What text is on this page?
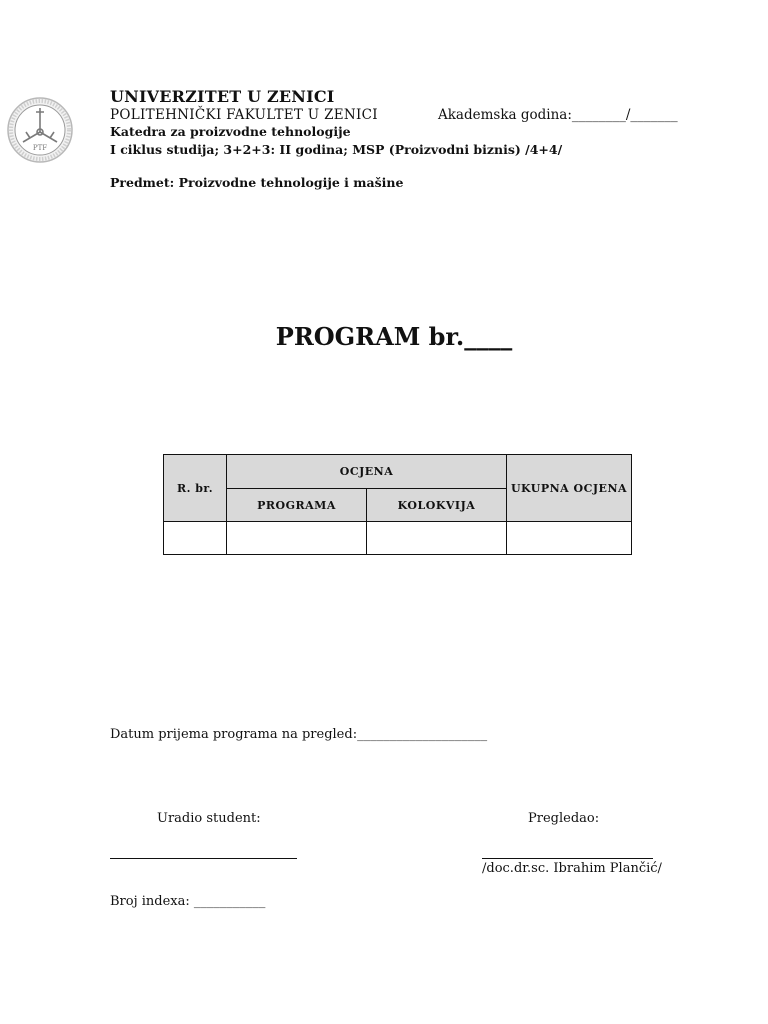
PTF
UNIVERZITET U ZENICI
POLITEHNIČKI FAKULTET U ZENICI	Akademska godina:________/_______
Katedra za proizvodne tehnologije
I ciklus studija; 3+2+3: II godina; MSP (Proizvodni biznis) /4+4/
Predmet: Proizvodne tehnologije i mašine
PROGRAM br.____
R. br.	OCJENA		UKUPNA OCJENA
	PROGRAMA	KOLOKVIJA	

Datum prijema programa na pregled:____________________
Uradio student:	Pregledao:
/doc.dr.sc. Ibrahim Plančić/
Broj indexa: ___________
